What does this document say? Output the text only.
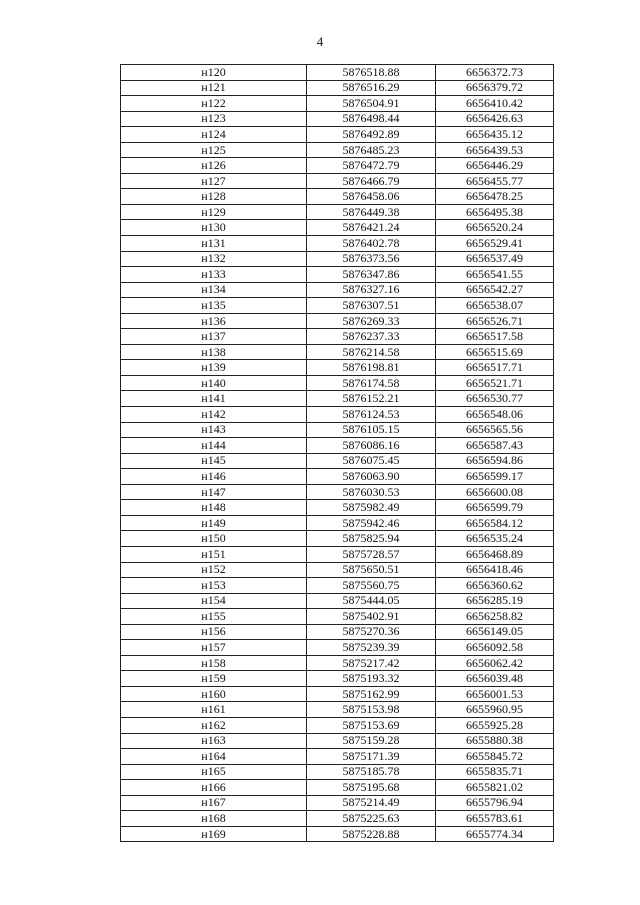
4
н120	5876518.88	6656372.73
н121	5876516.29	6656379.72
н122	5876504.91	6656410.42
н123	5876498.44	6656426.63
н124	5876492.89	6656435.12
н125	5876485.23	6656439.53
н126	5876472.79	6656446.29
н127	5876466.79	6656455.77
н128	5876458.06	6656478.25
н129	5876449.38	6656495.38
н130	5876421.24	6656520.24
н131	5876402.78	6656529.41
н132	5876373.56	6656537.49
н133	5876347.86	6656541.55
н134	5876327.16	6656542.27
н135	5876307.51	6656538.07
н136	5876269.33	6656526.71
н137	5876237.33	6656517.58
н138	5876214.58	6656515.69
н139	5876198.81	6656517.71
н140	5876174.58	6656521.71
н141	5876152.21	6656530.77
н142	5876124.53	6656548.06
н143	5876105.15	6656565.56
н144	5876086.16	6656587.43
н145	5876075.45	6656594.86
н146	5876063.90	6656599.17
н147	5876030.53	6656600.08
н148	5875982.49	6656599.79
н149	5875942.46	6656584.12
н150	5875825.94	6656535.24
н151	5875728.57	6656468.89
н152	5875650.51	6656418.46
н153	5875560.75	6656360.62
н154	5875444.05	6656285.19
н155	5875402.91	6656258.82
н156	5875270.36	6656149.05
н157	5875239.39	6656092.58
н158	5875217.42	6656062.42
н159	5875193.32	6656039.48
н160	5875162.99	6656001.53
н161	5875153.98	6655960.95
н162	5875153.69	6655925.28
н163	5875159.28	6655880.38
н164	5875171.39	6655845.72
н165	5875185.78	6655835.71
н166	5875195.68	6655821.02
н167	5875214.49	6655796.94
н168	5875225.63	6655783.61
н169	5875228.88	6655774.34
